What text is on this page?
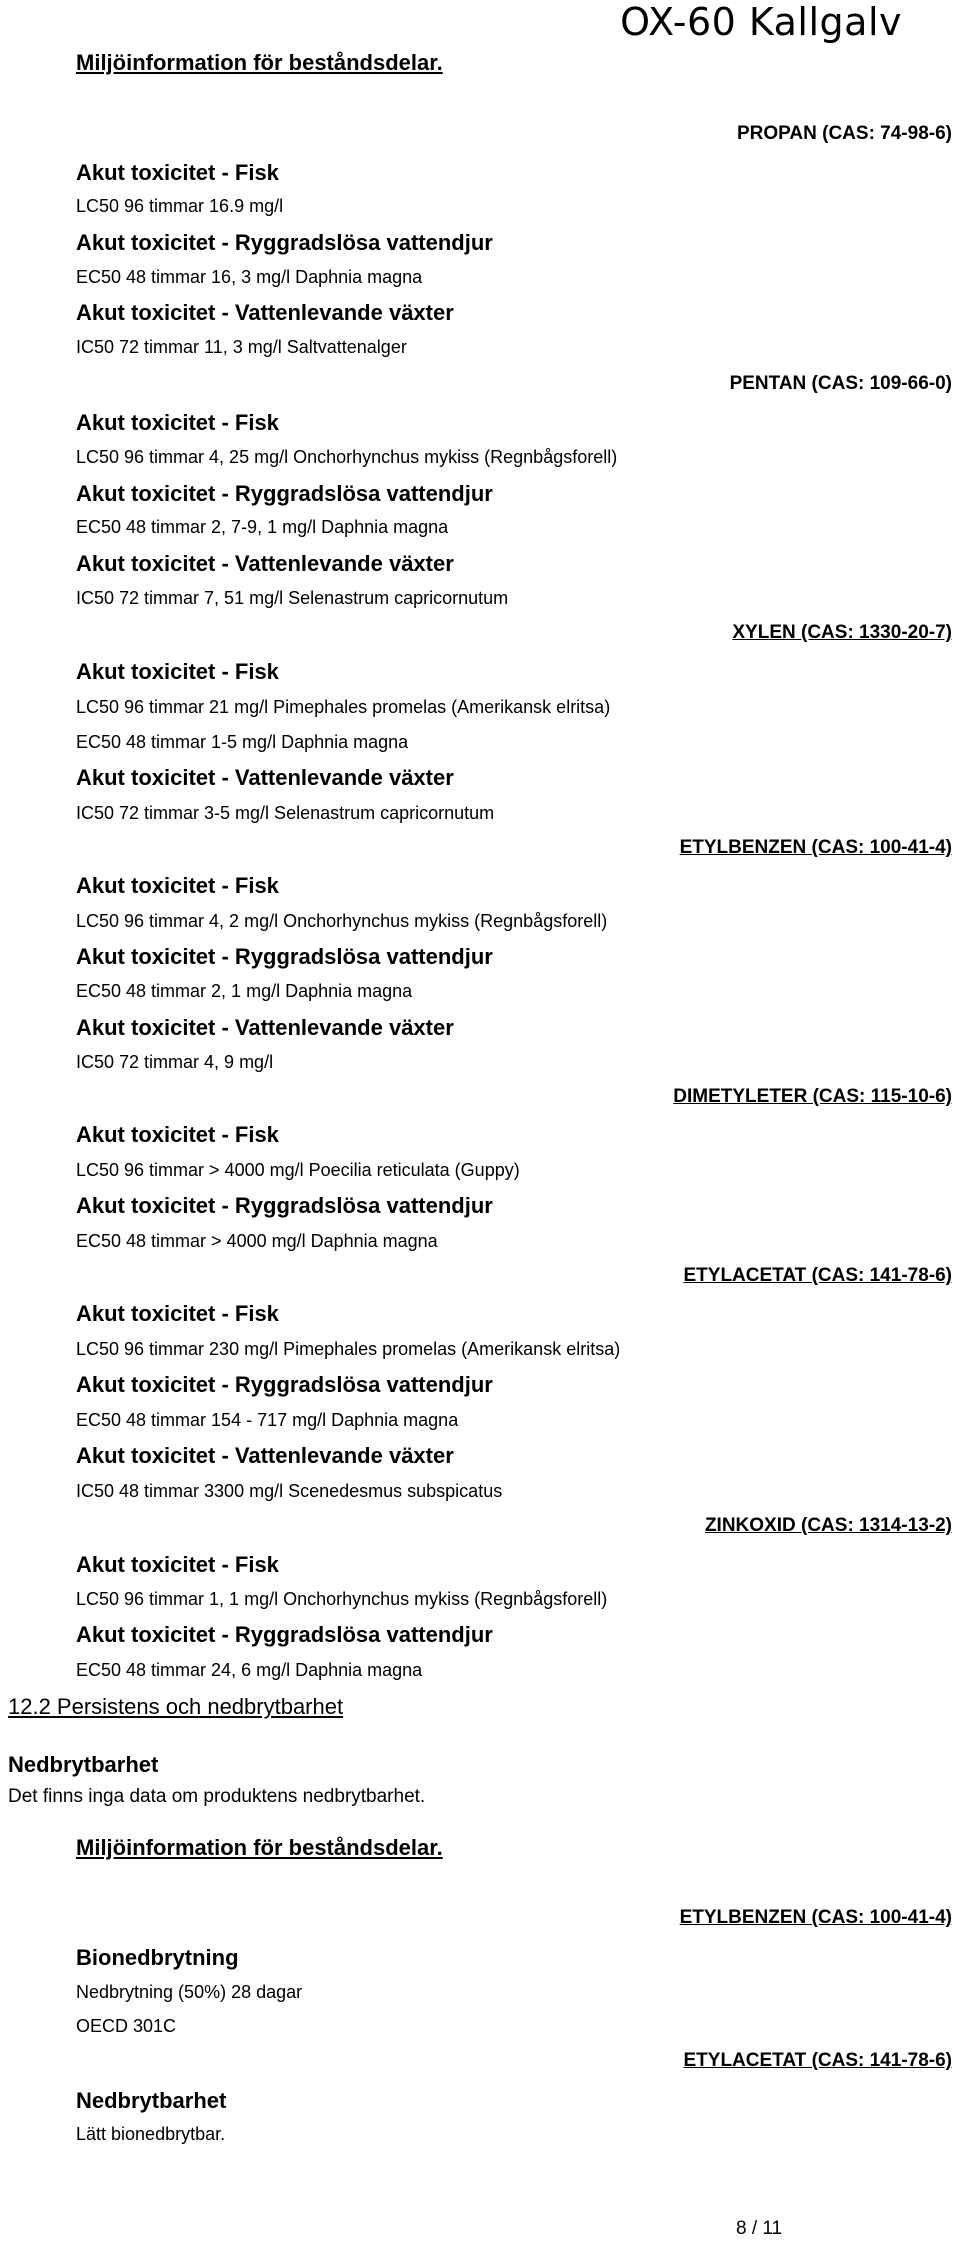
OX-60 Kallgalv
Miljöinformation för beståndsdelar.
PROPAN (CAS: 74-98-6)
Akut toxicitet - Fisk
LC50 96 timmar 16.9 mg/l
Akut toxicitet - Ryggradslösa vattendjur
EC50 48 timmar 16, 3 mg/l Daphnia magna
Akut toxicitet - Vattenlevande växter
IC50 72 timmar 11, 3 mg/l Saltvattenalger
PENTAN (CAS: 109-66-0)
Akut toxicitet - Fisk
LC50 96 timmar 4, 25 mg/l Onchorhynchus mykiss (Regnbågsforell)
Akut toxicitet - Ryggradslösa vattendjur
EC50 48 timmar 2, 7-9, 1 mg/l Daphnia magna
Akut toxicitet - Vattenlevande växter
IC50 72 timmar 7, 51 mg/l Selenastrum capricornutum
XYLEN (CAS: 1330-20-7)
Akut toxicitet - Fisk
LC50 96 timmar 21 mg/l Pimephales promelas (Amerikansk elritsa)
EC50 48 timmar 1-5 mg/l Daphnia magna
Akut toxicitet - Vattenlevande växter
IC50 72 timmar 3-5 mg/l Selenastrum capricornutum
ETYLBENZEN (CAS: 100-41-4)
Akut toxicitet - Fisk
LC50 96 timmar 4, 2 mg/l Onchorhynchus mykiss (Regnbågsforell)
Akut toxicitet - Ryggradslösa vattendjur
EC50 48 timmar 2, 1 mg/l Daphnia magna
Akut toxicitet - Vattenlevande växter
IC50 72 timmar 4, 9 mg/l
DIMETYLETER (CAS: 115-10-6)
Akut toxicitet - Fisk
LC50 96 timmar > 4000 mg/l Poecilia reticulata (Guppy)
Akut toxicitet - Ryggradslösa vattendjur
EC50 48 timmar > 4000 mg/l Daphnia magna
ETYLACETAT (CAS: 141-78-6)
Akut toxicitet - Fisk
LC50 96 timmar 230 mg/l Pimephales promelas (Amerikansk elritsa)
Akut toxicitet - Ryggradslösa vattendjur
EC50 48 timmar 154 - 717 mg/l Daphnia magna
Akut toxicitet - Vattenlevande växter
IC50 48 timmar 3300 mg/l Scenedesmus subspicatus
ZINKOXID (CAS: 1314-13-2)
Akut toxicitet - Fisk
LC50 96 timmar 1, 1 mg/l Onchorhynchus mykiss (Regnbågsforell)
Akut toxicitet - Ryggradslösa vattendjur
EC50 48 timmar 24, 6 mg/l Daphnia magna
12.2 Persistens och nedbrytbarhet
Nedbrytbarhet
Det finns inga data om produktens nedbrytbarhet.
Miljöinformation för beståndsdelar.
ETYLBENZEN (CAS: 100-41-4)
Bionedbrytning
Nedbrytning (50%) 28 dagar
OECD 301C
ETYLACETAT (CAS: 141-78-6)
Nedbrytbarhet
Lätt bionedbrytbar.
8 / 11
